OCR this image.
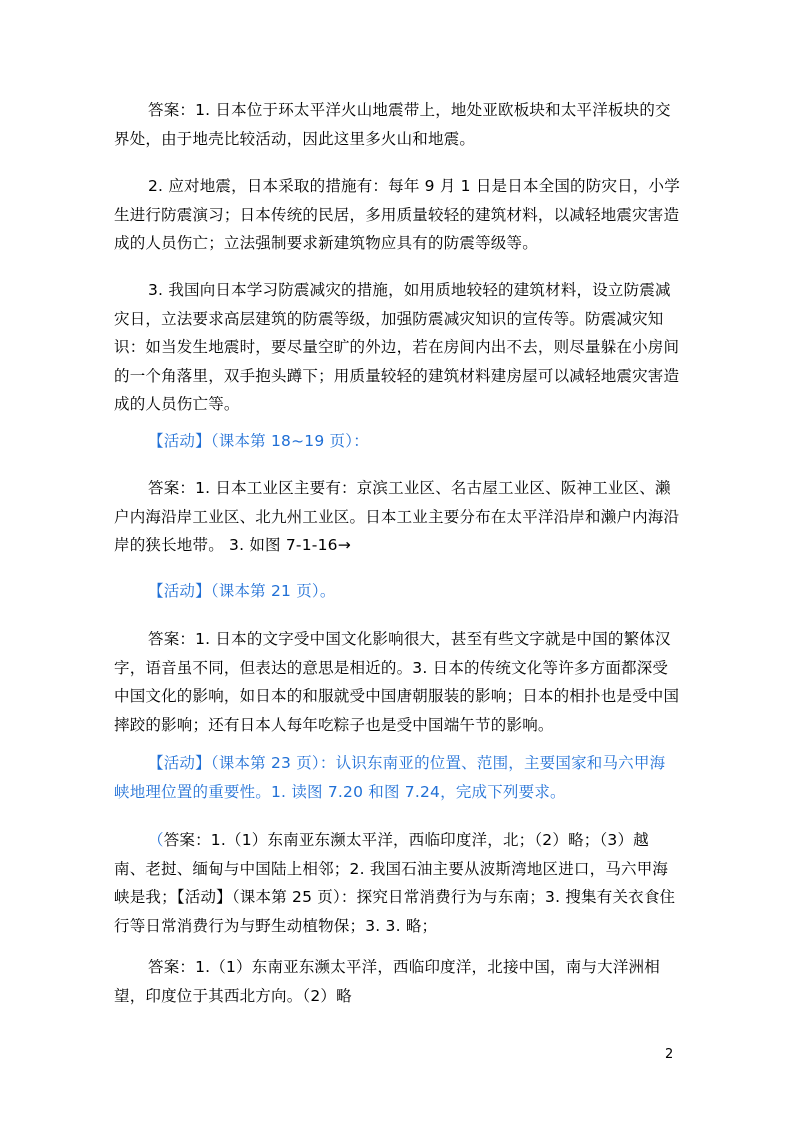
答案：1. 日本位于环太平洋火山地震带上，地处亚欧板块和太平洋板块的交界处，由于地壳比较活动，因此这里多火山和地震。

2. 应对地震，日本采取的措施有：每年 9 月 1 日是日本全国的防灾日，小学生进行防震演习；日本传统的民居，多用质量较轻的建筑材料，以减轻地震灾害造成的人员伤亡；立法强制要求新建筑物应具有的防震等级等。

3. 我国向日本学习防震减灾的措施，如用质地较轻的建筑材料，设立防震减灾日，立法要求高层建筑的防震等级，加强防震减灾知识的宣传等。防震减灾知识：如当发生地震时，要尽量空旷的外边，若在房间内出不去，则尽量躲在小房间的一个角落里，双手抱头蹲下；用质量较轻的建筑材料建房屋可以减轻地震灾害造成的人员伤亡等。

【活动】（课本第 18~19 页）：

答案：1. 日本工业区主要有：京滨工业区、名古屋工业区、阪神工业区、濑户内海沿岸工业区、北九州工业区。日本工业主要分布在太平洋沿岸和濑户内海沿岸的狭长地带。 3. 如图 7-1-16→

【活动】（课本第 21 页）。

答案：1. 日本的文字受中国文化影响很大，甚至有些文字就是中国的繁体汉字，语音虽不同，但表达的意思是相近的。3. 日本的传统文化等许多方面都深受中国文化的影响，如日本的和服就受中国唐朝服装的影响；日本的相扑也是受中国摔跤的影响；还有日本人每年吃粽子也是受中国端午节的影响。

【活动】（课本第 23 页）：认识东南亚的位置、范围，主要国家和马六甲海峡地理位置的重要性。1. 读图 7.20 和图 7.24，完成下列要求。

（答案：1.（1）东南亚东濒太平洋，西临印度洋，北；（2）略；（3）越南、老挝、缅甸与中国陆上相邻；2. 我国石油主要从波斯湾地区进口，马六甲海峡是我；【活动】（课本第 25 页）：探究日常消费行为与东南；3. 搜集有关衣食住行等日常消费行为与野生动植物保；3. 3. 略；

答案：1.（1）东南亚东濒太平洋，西临印度洋，北接中国，南与大洋洲相望，印度位于其西北方向。（2）略

2
